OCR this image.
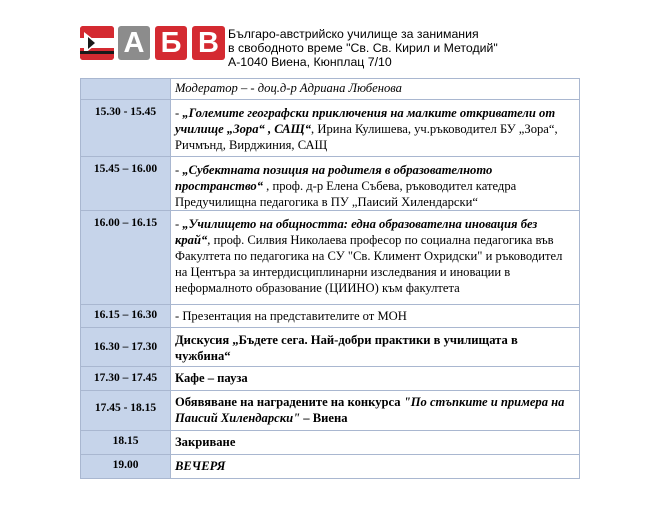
А Б В Българо-австрийско училище за занимания
в свободното време "Св. Св. Кирил и Методий"
А-1040 Виена, Кюнплац 7/10
	Модератор – - доц.д-р Адриана Любенова

15.30 - 15.45	- „Големите географски приключения на малките откриватели от училище „Зора“ , САЩ“, Ирина Кулишева, уч.ръководител БУ „Зора“, Ричмънд, Вирджиния, САЩ

15.45 – 16.00	- „Субектната позиция на родителя в образователното пространство“ , проф. д-р Елена Събева, ръководител катедра Предучилищна педагогика в ПУ „Паисий Хилендарски“

16.00 – 16.15	- „Училището на общността: една образователна иновация без край“, проф. Силвия Николаева професор по социална педагогика във Факултета по педагогика на СУ "Св. Климент Охридски" и ръководител на Центъра за интердисциплинарни изследвания и иновации в неформалното образование (ЦИИНО) към факултета

16.15 – 16.30	- Презентация на представителите от МОН

16.30 – 17.30	Дискусия „Бъдете сега. Най-добри практики в училищата в чужбина“

17.30 – 17.45	Кафе – пауза

17.45 - 18.15	Обявяване на наградените на конкурса "По стъпките и примера на Паисий Хилендарски" – Виена

18.15	Закриване

19.00	ВЕЧЕРЯ
